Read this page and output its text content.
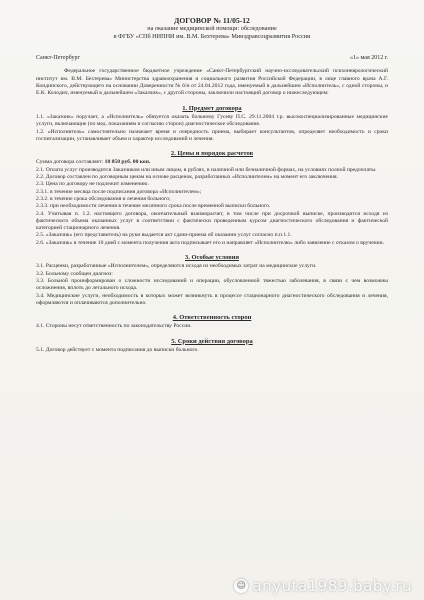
ДОГОВОР № 11/05-12

на оказание медицинской помощи: обследование

в ФГБУ «СПб НИПНИ им. В.М. Бехтерева» Минздравсоцразвития России

Санкт-Петербург	«1» мая 2012 г.

Федеральное государственное бюджетное учреждение «Санкт-Петербургский научно-исследовательский психоневрологический институт им. В.М. Бехтерева» Министерства здравоохранения и социального развития Российской Федерации, в лице главного врача А.Г. Кондинского, действующего на основании Доверенности № 6/н от 24.04.2012 года, именуемый в дальнейшем «Исполнитель», с одной стороны, и Е.К. Колодич, именуемый в дальнейшем «Заказчик», с другой стороны, заключили настоящий договор о нижеследующем:

1. Предмет договора

1.1. «Заказчик» поручает, а «Исполнитель» обязуется оказать больному Гусеву П.С. 29.11.2004 г.р. высокоспециализированные медицинские услуги, включающие (по мед. показаниям и согласию сторон) диагностическое обследование.

1.2. «Исполнитель» самостоятельно назначает время и очередность приема, выбирает консультантов, определяет необходимость и сроки госпитализации, устанавливает объем и характер исследований и лечения.

2. Цены и порядок расчетов

Сумма договора составляет: 10 850 руб. 00 коп.

2.1. Оплата услуг производится Заказчиком или иным лицом, в рублях, в наличной или безналичной формах, на условиях полной предоплаты.

2.2. Договор составлен по договорным ценам на основе расценок, разработанных «Исполнителем» на момент его заключения.

2.3. Цена по договору не подлежит изменению.

2.3.1. в течение месяца после подписания договора «Исполнителем»;

2.3.2. в течение срока обследования и лечения больного;

2.3.3. при необходимости лечения в течение месячного срока после временной выписки больного.

2.4. Учитывая п. 1.2. настоящего договора, окончательный взаиморасчет, в том числе при досрочной выписке, производится исходя из фактического объема оказанных услуг в соответствии с фактически проведенным курсом диагностического обследования и фактической категорией стационарного лечения.

2.5. «Заказчик» (его представитель) на руки выдается акт сдачи-приема об оказании услуг согласно п.п.1.1.

2.6. «Заказчик» в течение 10 дней с момента получения акта подписывает его и направляет «Исполнителю» либо заявление с отказом о вручении.

3. Особые условия

3.1. Расценки, разработанные «Исполнителем», определяются исходя из необходимых затрат на медицинские услуги.

3.2. Больному сообщен диагноз:

3.3. Больной проинформирован о сложности исследований и операции, обусловленной тяжестью заболевания, в связи с чем возможны осложнения, вплоть до летального исхода.

3.4. Медицинские услуги, необходимость в которых может возникнуть в процессе стационарного диагностического обследования и лечения, оформляются и оплачиваются дополнительно.

4. Ответственность сторон

4.1. Стороны несут ответственность по законодательству России.

5. Сроки действия договора

5.1. Договор действует с момента подписания до выписки больного.

☺ anyuta1989.baby.ru
